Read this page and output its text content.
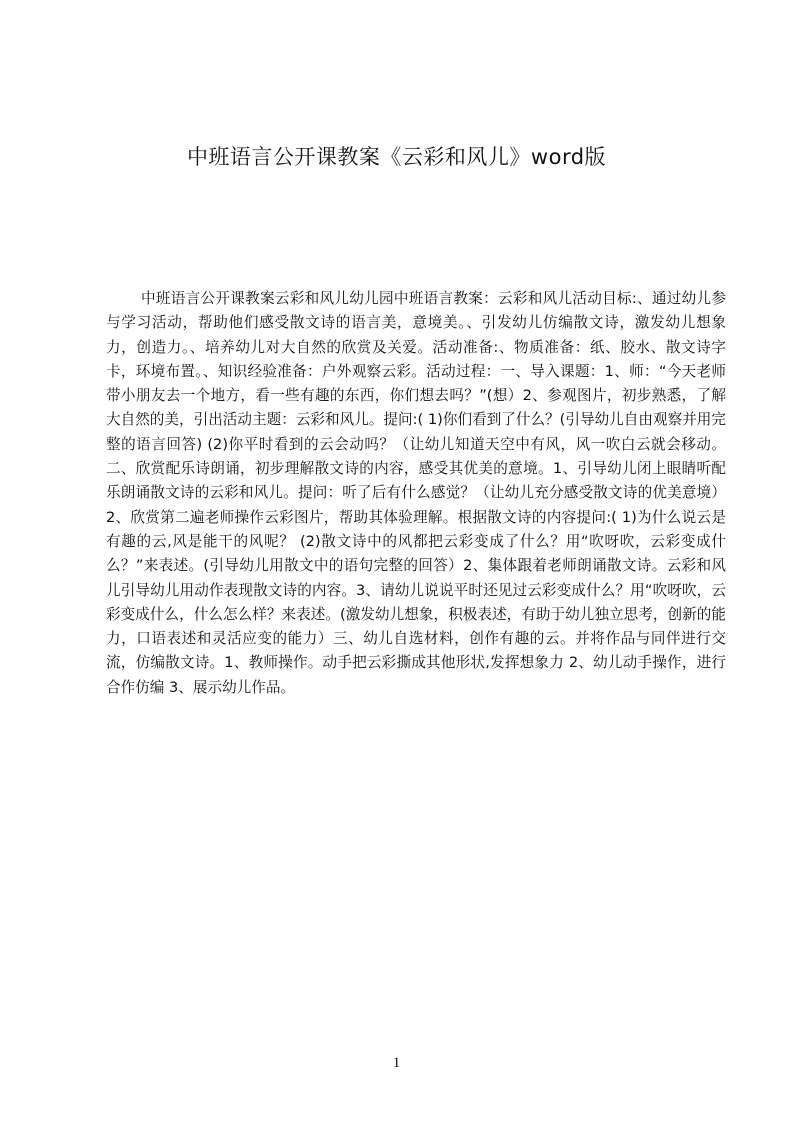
中班语言公开课教案《云彩和风儿》word版

中班语言公开课教案云彩和风儿幼儿园中班语言教案：云彩和风儿活动目标:、通过幼儿参与学习活动，帮助他们感受散文诗的语言美，意境美。、引发幼儿仿编散文诗，激发幼儿想象力，创造力。、培养幼儿对大自然的欣赏及关爱。活动准备:、物质准备：纸、胶水、散文诗字卡，环境布置。、知识经验准备：户外观察云彩。活动过程：一、导入课题：1、师：“今天老师带小朋友去一个地方，看一些有趣的东西，你们想去吗？”(想）2、参观图片，初步熟悉，了解大自然的美，引出活动主题：云彩和风儿。提问:( 1)你们看到了什么？(引导幼儿自由观察并用完整的语言回答) (2)你平时看到的云会动吗？（让幼儿知道天空中有风，风一吹白云就会移动。二、欣赏配乐诗朗诵，初步理解散文诗的内容，感受其优美的意境。1、引导幼儿闭上眼睛听配乐朗诵散文诗的云彩和风儿。提问：听了后有什么感觉？（让幼儿充分感受散文诗的优美意境）2、欣赏第二遍老师操作云彩图片，帮助其体验理解。根据散文诗的内容提问:( 1)为什么说云是有趣的云,风是能干的风呢？ (2)散文诗中的风都把云彩变成了什么？用“吹呀吹，云彩变成什么？”来表述。(引导幼儿用散文中的语句完整的回答）2、集体跟着老师朗诵散文诗。云彩和风儿引导幼儿用动作表现散文诗的内容。3、请幼儿说说平时还见过云彩变成什么？用“吹呀吹，云彩变成什么，什么怎么样？来表述。(激发幼儿想象，积极表述，有助于幼儿独立思考，创新的能力，口语表述和灵活应变的能力）三、幼儿自选材料，创作有趣的云。并将作品与同伴进行交流，仿编散文诗。1、教师操作。动手把云彩撕成其他形状,发挥想象力 2、幼儿动手操作，进行合作仿编 3、展示幼儿作品。

1
